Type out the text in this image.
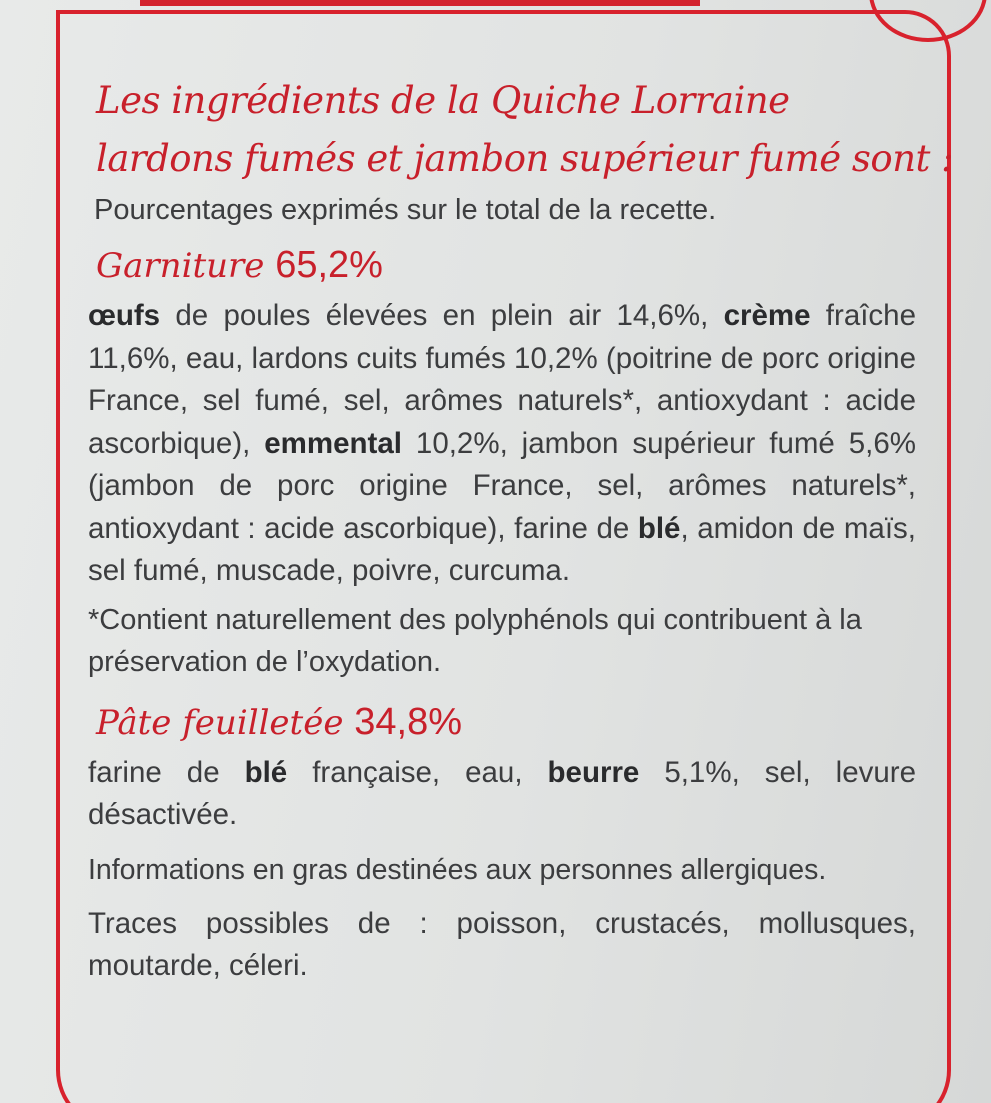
Les ingrédients de la Quiche Lorraine
lardons fumés et jambon supérieur fumé sont :
Pourcentages exprimés sur le total de la recette.
Garniture 65,2%
œufs de poules élevées en plein air 14,6%, crème fraîche 11,6%, eau, lardons cuits fumés 10,2% (poitrine de porc origine France, sel fumé, sel, arômes naturels*, antioxydant : acide ascorbique), emmental 10,2%, jambon supérieur fumé 5,6% (jambon de porc origine France, sel, arômes naturels*, antioxydant : acide ascorbique), farine de blé, amidon de maïs, sel fumé, muscade, poivre, curcuma.
*Contient naturellement des polyphénols qui contribuent à la préservation de l’oxydation.
Pâte feuilletée 34,8%
farine de blé française, eau, beurre 5,1%, sel, levure désactivée.
Informations en gras destinées aux personnes allergiques.
Traces possibles de : poisson, crustacés, mollusques, moutarde, céleri.
